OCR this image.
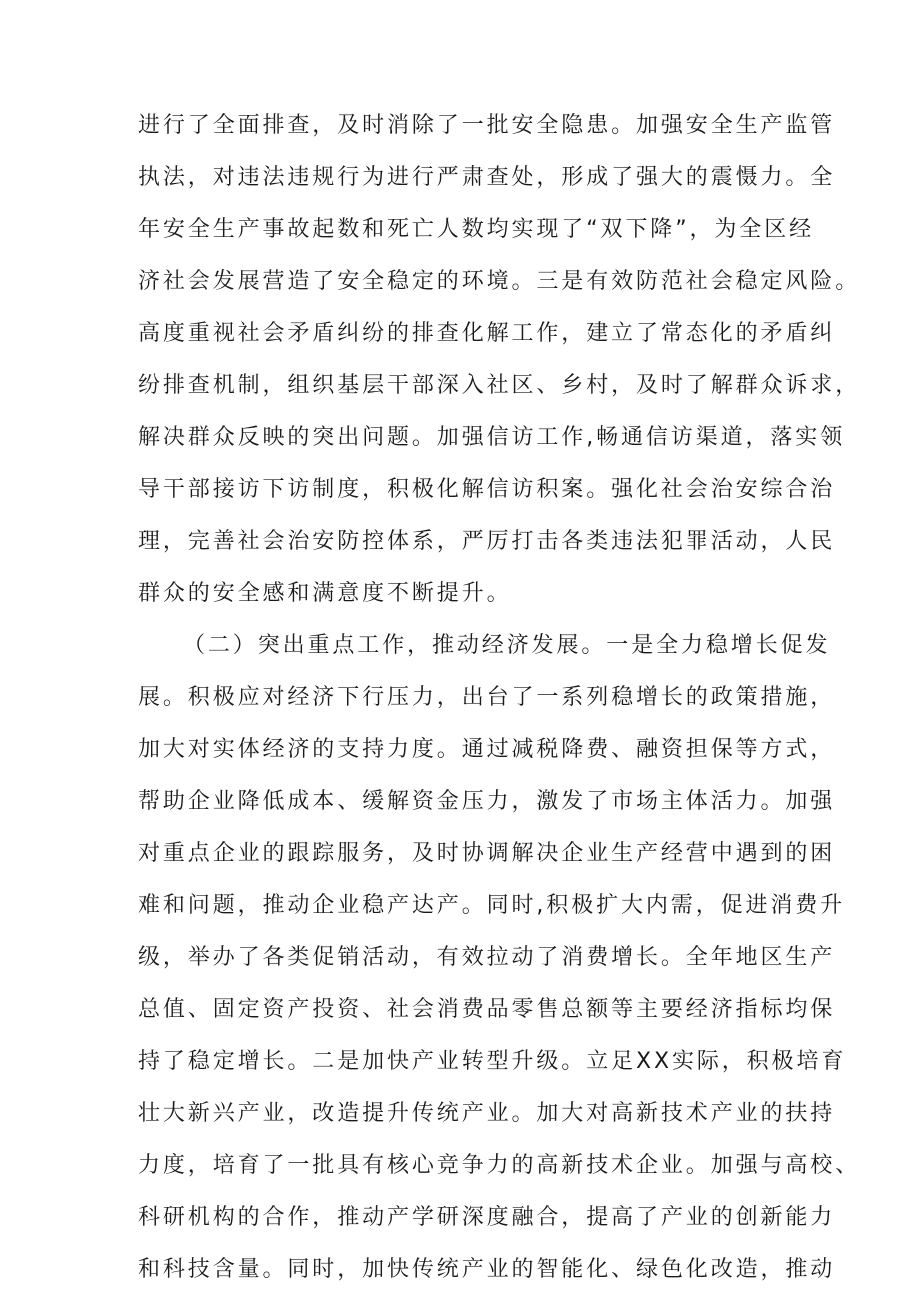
进行了全面排查，及时消除了一批安全隐患。加强安全生产监管
执法，对违法违规行为进行严肃查处，形成了强大的震慑力。全
年安全生产事故起数和死亡人数均实现了“双下降”，为全区经
济社会发展营造了安全稳定的环境。三是有效防范社会稳定风险。
高度重视社会矛盾纠纷的排查化解工作，建立了常态化的矛盾纠
纷排查机制，组织基层干部深入社区、乡村，及时了解群众诉求，
解决群众反映的突出问题。加强信访工作,畅通信访渠道，落实领
导干部接访下访制度，积极化解信访积案。强化社会治安综合治
理，完善社会治安防控体系，严厉打击各类违法犯罪活动，人民
群众的安全感和满意度不断提升。
（二）突出重点工作，推动经济发展。一是全力稳增长促发
展。积极应对经济下行压力，出台了一系列稳增长的政策措施，
加大对实体经济的支持力度。通过减税降费、融资担保等方式，
帮助企业降低成本、缓解资金压力，激发了市场主体活力。加强
对重点企业的跟踪服务，及时协调解决企业生产经营中遇到的困
难和问题，推动企业稳产达产。同时,积极扩大内需，促进消费升
级，举办了各类促销活动，有效拉动了消费增长。全年地区生产
总值、固定资产投资、社会消费品零售总额等主要经济指标均保
持了稳定增长。二是加快产业转型升级。立足XX实际，积极培育
壮大新兴产业，改造提升传统产业。加大对高新技术产业的扶持
力度，培育了一批具有核心竞争力的高新技术企业。加强与高校、
科研机构的合作，推动产学研深度融合，提高了产业的创新能力
和科技含量。同时，加快传统产业的智能化、绿色化改造，推动
